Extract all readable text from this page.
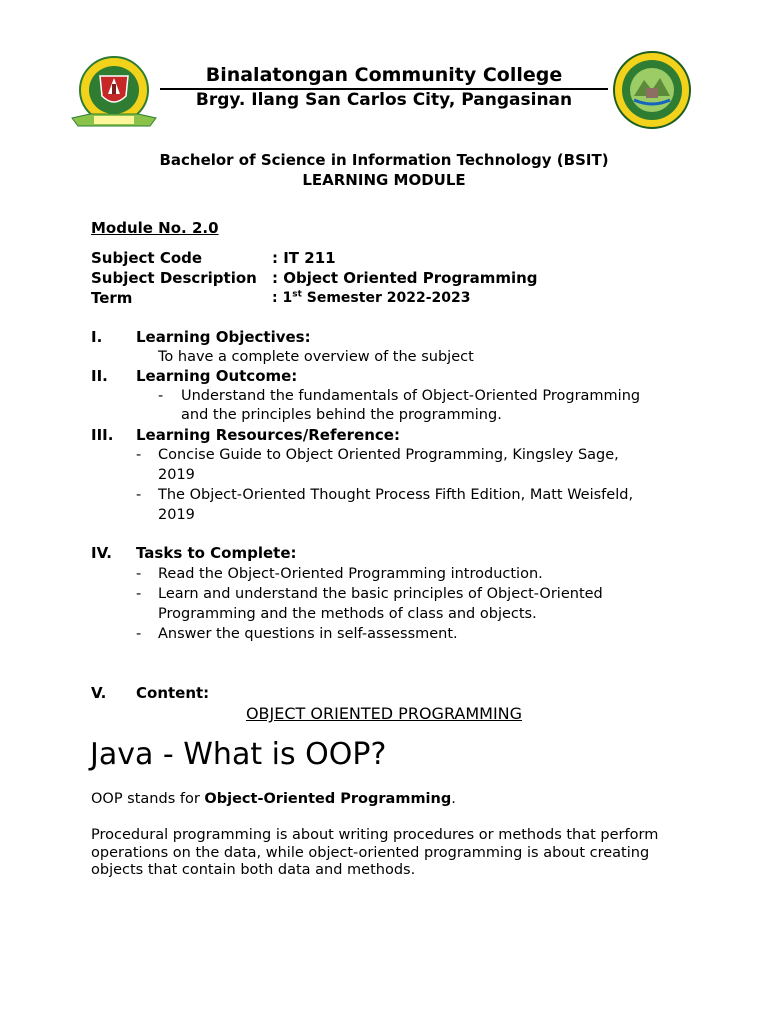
Binalatongan Community College
Brgy. Ilang San Carlos City, Pangasinan
Bachelor of Science in Information Technology (BSIT)
LEARNING MODULE
Module No. 2.0
Subject Code	: IT 211
Subject Description : Object Oriented Programming
Term	: 1st Semester 2022-2023
I. Learning Objectives:
To have a complete overview of the subject
II. Learning Outcome:
-	Understand the fundamentals of Object-Oriented Programming
and the principles behind the programming.
III. Learning Resources/Reference:
-	Concise Guide to Object Oriented Programming, Kingsley Sage,
2019
-	The Object-Oriented Thought Process Fifth Edition, Matt Weisfeld,
2019
IV. Tasks to Complete:
-	Read the Object-Oriented Programming introduction.
-	Learn and understand the basic principles of Object-Oriented
Programming and the methods of class and objects.
-	Answer the questions in self-assessment.
V. Content:
OBJECT ORIENTED PROGRAMMING
Java - What is OOP?
OOP stands for Object-Oriented Programming.
Procedural programming is about writing procedures or methods that perform operations on the data, while object-oriented programming is about creating objects that contain both data and methods.
